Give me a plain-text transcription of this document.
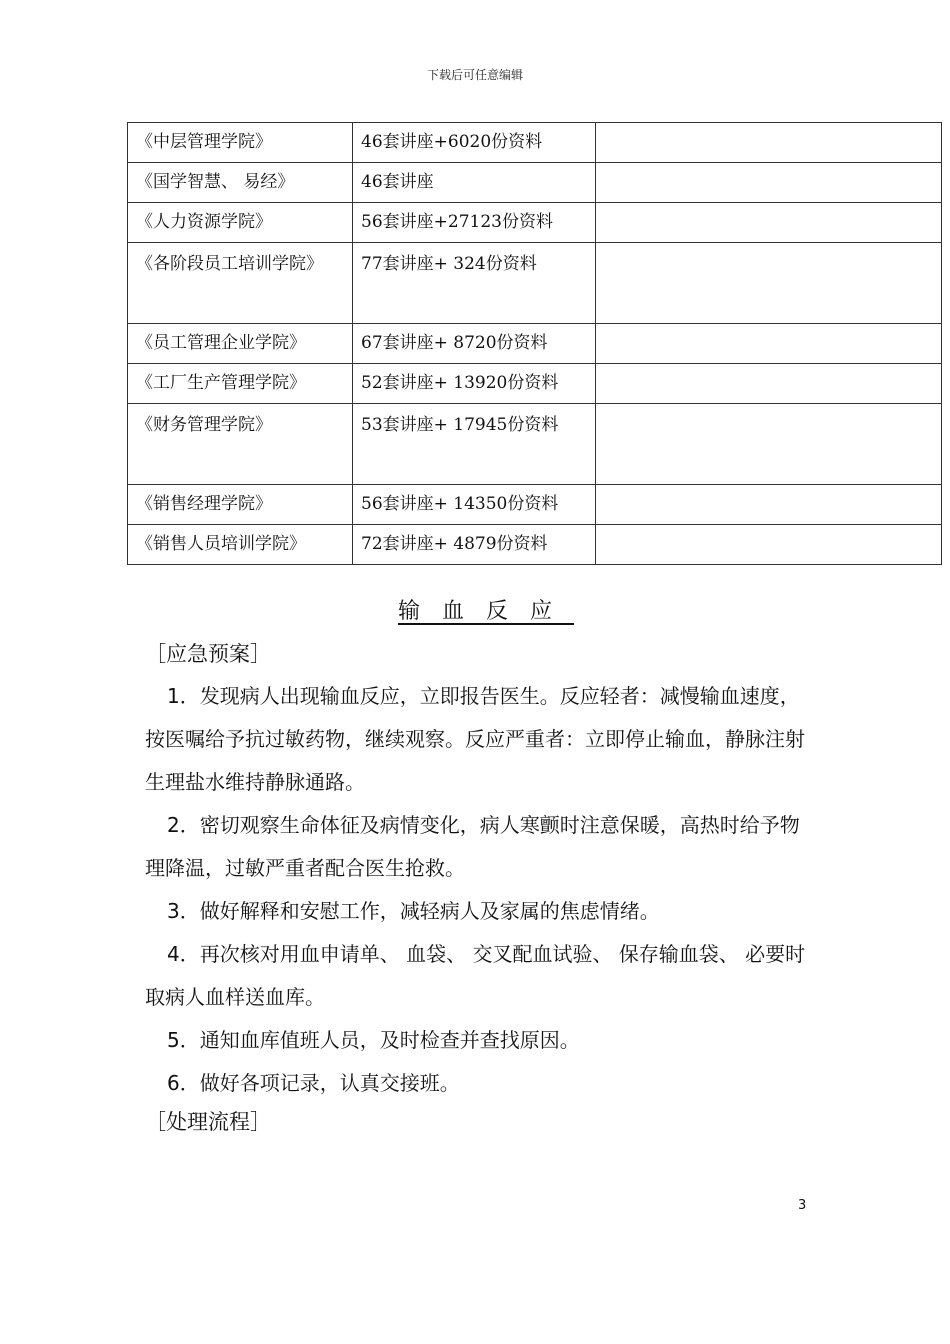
下载后可任意编辑
《中层管理学院》	46套讲座+6020份资料	
《国学智慧、 易经》	46套讲座	
《人力资源学院》	56套讲座+27123份资料	
《各阶段员工培训学院》	77套讲座+ 324份资料	
《员工管理企业学院》	67套讲座+ 8720份资料	
《工厂生产管理学院》	52套讲座+ 13920份资料	
《财务管理学院》	53套讲座+ 17945份资料	
《销售经理学院》	56套讲座+ 14350份资料	
《销售人员培训学院》	72套讲座+ 4879份资料	
输血反应
［应急预案］

1．发现病人出现输血反应，立即报告医生。反应轻者：减慢输血速度，按医嘱给予抗过敏药物，继续观察。反应严重者：立即停止输血，静脉注射生理盐水维持静脉通路。

2．密切观察生命体征及病情变化，病人寒颤时注意保暖，高热时给予物理降温，过敏严重者配合医生抢救。

3．做好解释和安慰工作，减轻病人及家属的焦虑情绪。

4．再次核对用血申请单、 血袋、 交叉配血试验、 保存输血袋、 必要时取病人血样送血库。

5．通知血库值班人员，及时检查并查找原因。

6．做好各项记录，认真交接班。

［处理流程］
3
